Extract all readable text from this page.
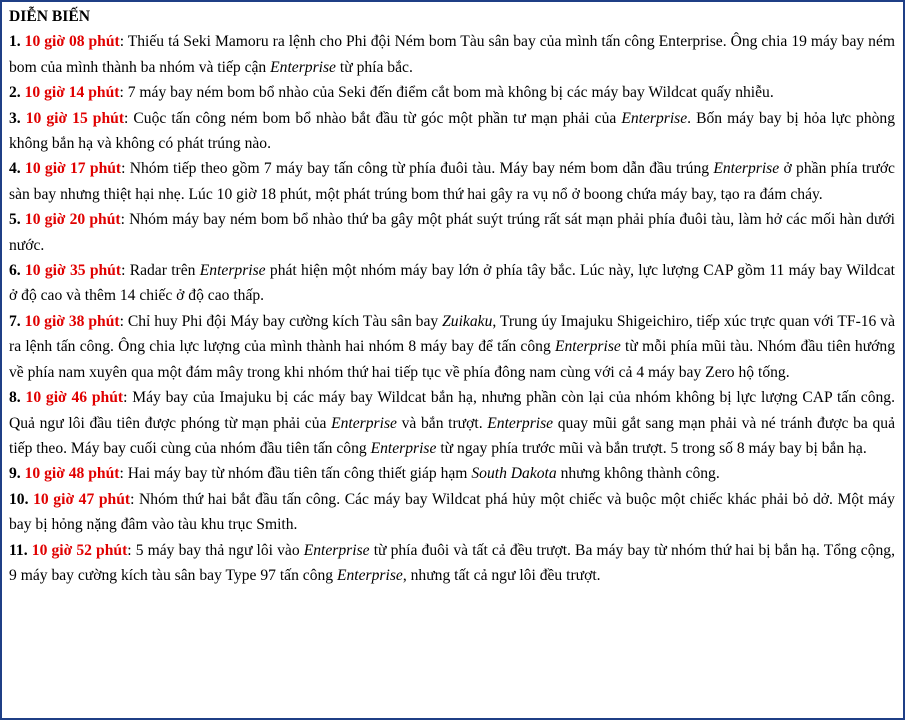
DIỄN BIẾN

1. 10 giờ 08 phút: Thiếu tá Seki Mamoru ra lệnh cho Phi đội Ném bom Tàu sân bay của mình tấn công Enterprise. Ông chia 19 máy bay ném bom của mình thành ba nhóm và tiếp cận Enterprise từ phía bắc.

2. 10 giờ 14 phút: 7 máy bay ném bom bổ nhào của Seki đến điểm cắt bom mà không bị các máy bay Wildcat quấy nhiễu.

3. 10 giờ 15 phút: Cuộc tấn công ném bom bổ nhào bắt đầu từ góc một phần tư mạn phải của Enterprise. Bốn máy bay bị hỏa lực phòng không bắn hạ và không có phát trúng nào.

4. 10 giờ 17 phút: Nhóm tiếp theo gồm 7 máy bay tấn công từ phía đuôi tàu. Máy bay ném bom dẫn đầu trúng Enterprise ở phần phía trước sàn bay nhưng thiệt hại nhẹ. Lúc 10 giờ 18 phút, một phát trúng bom thứ hai gây ra vụ nổ ở boong chứa máy bay, tạo ra đám cháy.

5. 10 giờ 20 phút: Nhóm máy bay ném bom bổ nhào thứ ba gây một phát suýt trúng rất sát mạn phải phía đuôi tàu, làm hở các mối hàn dưới nước.

6. 10 giờ 35 phút: Radar trên Enterprise phát hiện một nhóm máy bay lớn ở phía tây bắc. Lúc này, lực lượng CAP gồm 11 máy bay Wildcat ở độ cao và thêm 14 chiếc ở độ cao thấp.

7. 10 giờ 38 phút: Chỉ huy Phi đội Máy bay cường kích Tàu sân bay Zuikaku, Trung úy Imajuku Shigeichiro, tiếp xúc trực quan với TF-16 và ra lệnh tấn công. Ông chia lực lượng của mình thành hai nhóm 8 máy bay để tấn công Enterprise từ mỗi phía mũi tàu. Nhóm đầu tiên hướng về phía nam xuyên qua một đám mây trong khi nhóm thứ hai tiếp tục về phía đông nam cùng với cả 4 máy bay Zero hộ tống.

8. 10 giờ 46 phút: Máy bay của Imajuku bị các máy bay Wildcat bắn hạ, nhưng phần còn lại của nhóm không bị lực lượng CAP tấn công. Quả ngư lôi đầu tiên được phóng từ mạn phải của Enterprise và bắn trượt. Enterprise quay mũi gắt sang mạn phải và né tránh được ba quả tiếp theo. Máy bay cuối cùng của nhóm đầu tiên tấn công Enterprise từ ngay phía trước mũi và bắn trượt. 5 trong số 8 máy bay bị bắn hạ.

9. 10 giờ 48 phút: Hai máy bay từ nhóm đầu tiên tấn công thiết giáp hạm South Dakota nhưng không thành công.

10. 10 giờ 47 phút: Nhóm thứ hai bắt đầu tấn công. Các máy bay Wildcat phá hủy một chiếc và buộc một chiếc khác phải bỏ dở. Một máy bay bị hỏng nặng đâm vào tàu khu trục Smith.

11. 10 giờ 52 phút: 5 máy bay thả ngư lôi vào Enterprise từ phía đuôi và tất cả đều trượt. Ba máy bay từ nhóm thứ hai bị bắn hạ. Tổng cộng, 9 máy bay cường kích tàu sân bay Type 97 tấn công Enterprise, nhưng tất cả ngư lôi đều trượt.
